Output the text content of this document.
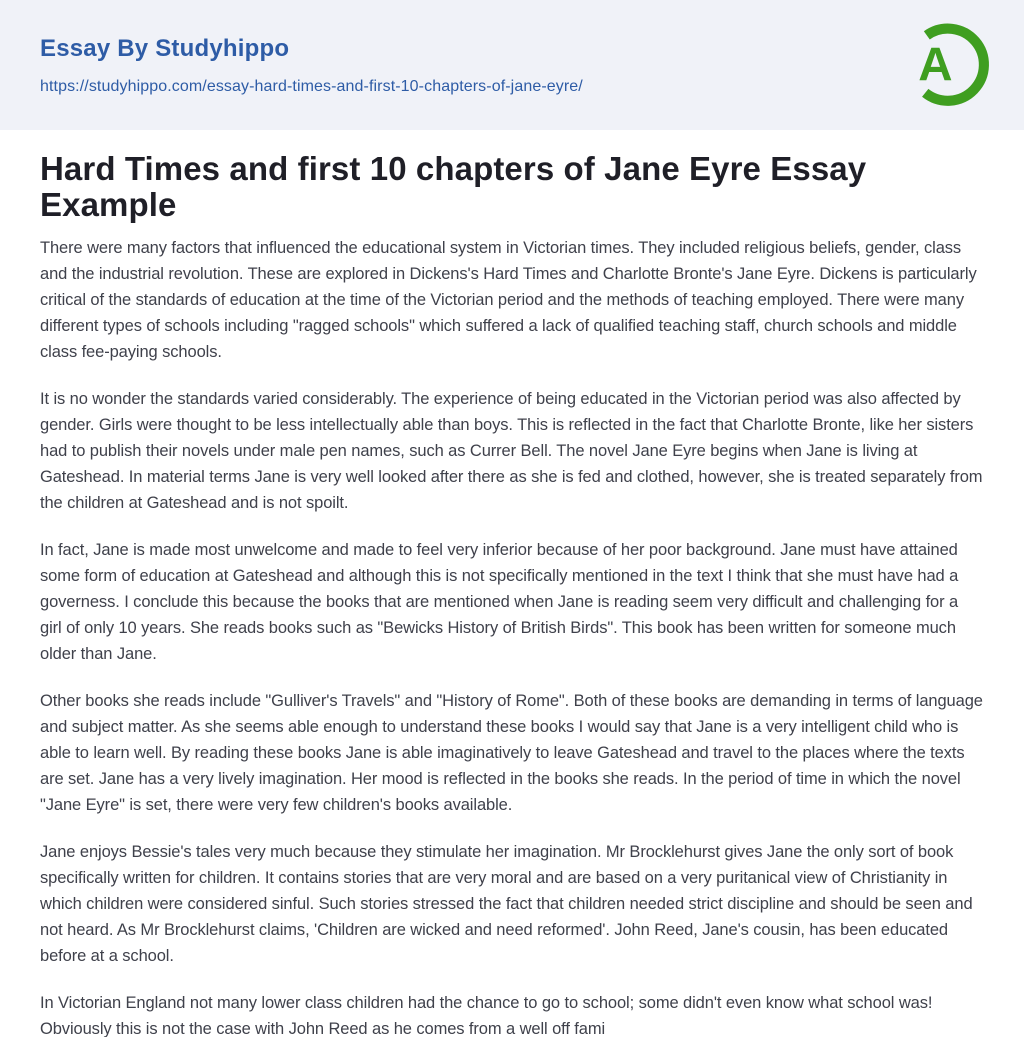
Essay By Studyhippo
https://studyhippo.com/essay-hard-times-and-first-10-chapters-of-jane-eyre/	A
Hard Times and first 10 chapters of Jane Eyre Essay Example

There were many factors that influenced the educational system in Victorian times. They included religious beliefs, gender, class and the industrial revolution. These are explored in Dickens's Hard Times and Charlotte Bronte's Jane Eyre. Dickens is particularly critical of the standards of education at the time of the Victorian period and the methods of teaching employed. There were many different types of schools including "ragged schools" which suffered a lack of qualified teaching staff, church schools and middle class fee-paying schools.

It is no wonder the standards varied considerably. The experience of being educated in the Victorian period was also affected by gender. Girls were thought to be less intellectually able than boys. This is reflected in the fact that Charlotte Bronte, like her sisters had to publish their novels under male pen names, such as Currer Bell. The novel Jane Eyre begins when Jane is living at Gateshead. In material terms Jane is very well looked after there as she is fed and clothed, however, she is treated separately from the children at Gateshead and is not spoilt.

In fact, Jane is made most unwelcome and made to feel very inferior because of her poor background. Jane must have attained some form of education at Gateshead and although this is not specifically mentioned in the text I think that she must have had a governess. I conclude this because the books that are mentioned when Jane is reading seem very difficult and challenging for a girl of only 10 years. She reads books such as "Bewicks History of British Birds". This book has been written for someone much older than Jane.

Other books she reads include "Gulliver's Travels" and "History of Rome". Both of these books are demanding in terms of language and subject matter. As she seems able enough to understand these books I would say that Jane is a very intelligent child who is able to learn well. By reading these books Jane is able imaginatively to leave Gateshead and travel to the places where the texts are set. Jane has a very lively imagination. Her mood is reflected in the books she reads. In the period of time in which the novel "Jane Eyre" is set, there were very few children's books available.

Jane enjoys Bessie's tales very much because they stimulate her imagination. Mr Brocklehurst gives Jane the only sort of book specifically written for children. It contains stories that are very moral and are based on a very puritanical view of Christianity in which children were considered sinful. Such stories stressed the fact that children needed strict discipline and should be seen and not heard. As Mr Brocklehurst claims, 'Children are wicked and need reformed'. John Reed, Jane's cousin, has been educated before at a school.

In Victorian England not many lower class children had the chance to go to school; some didn't even know what school was! Obviously this is not the case with John Reed as he comes from a well off fami
